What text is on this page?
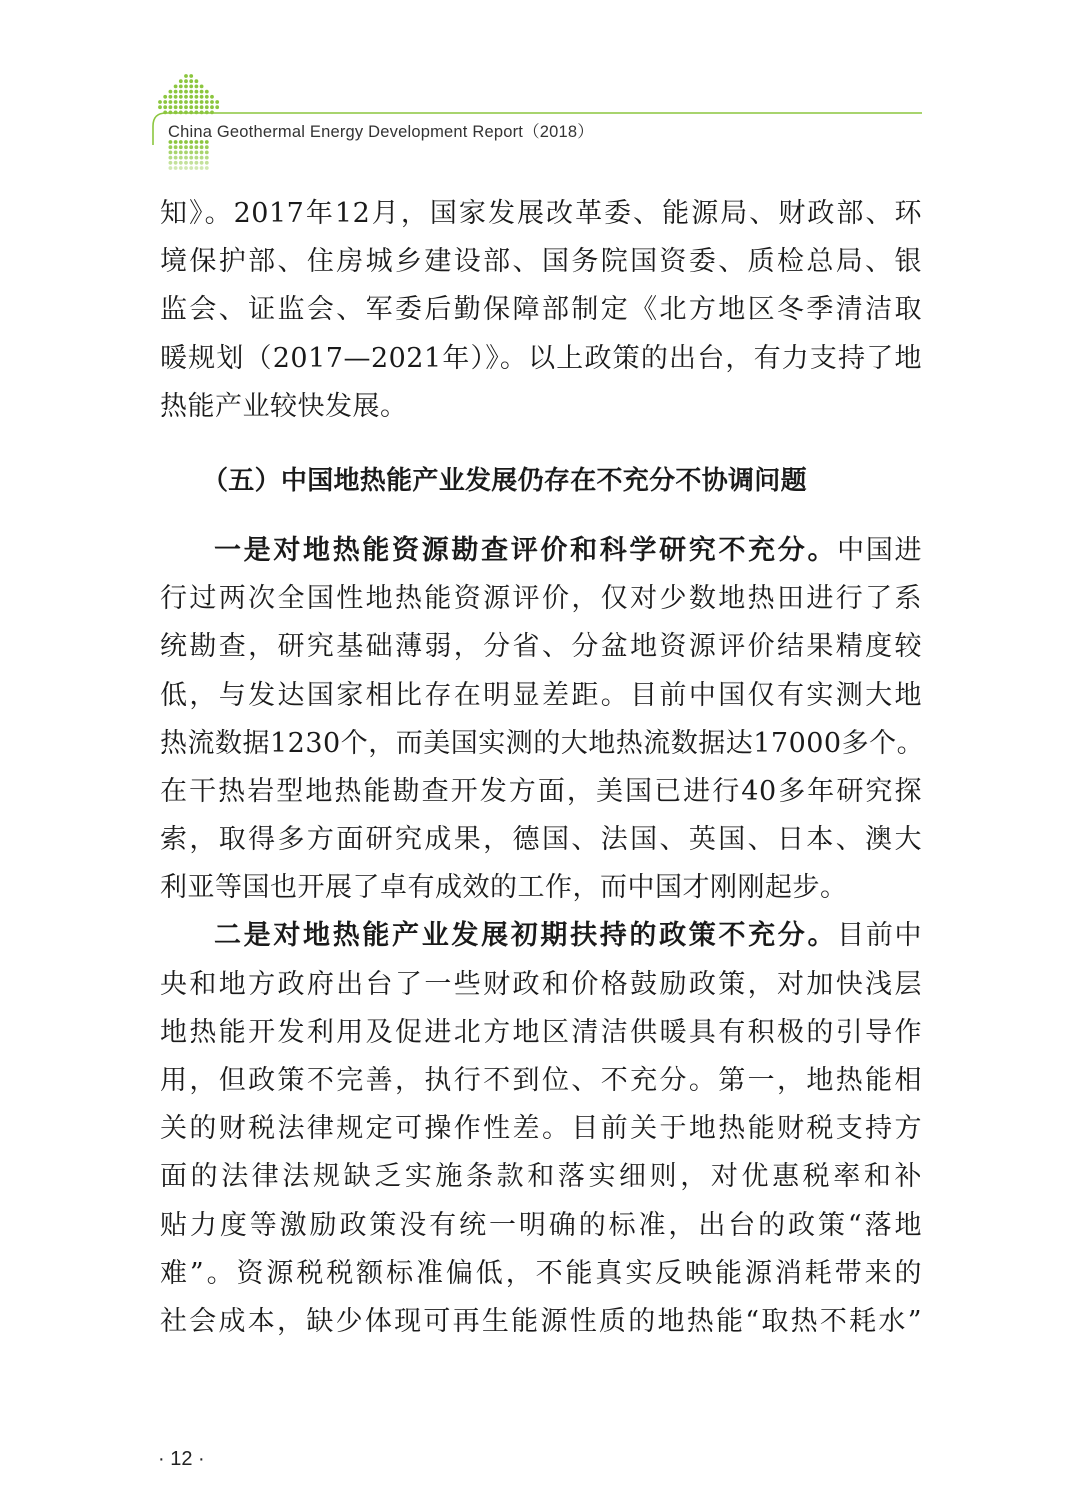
China Geothermal Energy Development Report（2018）
知》。2017年12月，国家发展改革委、能源局、财政部、环
境保护部、住房城乡建设部、国务院国资委、质检总局、银
监会、证监会、军委后勤保障部制定《北方地区冬季清洁取
暖规划（2017—2021年）》。以上政策的出台，有力支持了地
热能产业较快发展。
（五）中国地热能产业发展仍存在不充分不协调问题
一是对地热能资源勘查评价和科学研究不充分。中国进
行过两次全国性地热能资源评价，仅对少数地热田进行了系
统勘查，研究基础薄弱，分省、分盆地资源评价结果精度较
低，与发达国家相比存在明显差距。目前中国仅有实测大地
热流数据1230个，而美国实测的大地热流数据达17000多个。
在干热岩型地热能勘查开发方面，美国已进行40多年研究探
索，取得多方面研究成果，德国、法国、英国、日本、澳大
利亚等国也开展了卓有成效的工作，而中国才刚刚起步。
二是对地热能产业发展初期扶持的政策不充分。目前中
央和地方政府出台了一些财政和价格鼓励政策，对加快浅层
地热能开发利用及促进北方地区清洁供暖具有积极的引导作
用，但政策不完善，执行不到位、不充分。第一，地热能相
关的财税法律规定可操作性差。目前关于地热能财税支持方
面的法律法规缺乏实施条款和落实细则，对优惠税率和补
贴力度等激励政策没有统一明确的标准，出台的政策“落地
难”。资源税税额标准偏低，不能真实反映能源消耗带来的
社会成本，缺少体现可再生能源性质的地热能“取热不耗水”
· 12 ·
